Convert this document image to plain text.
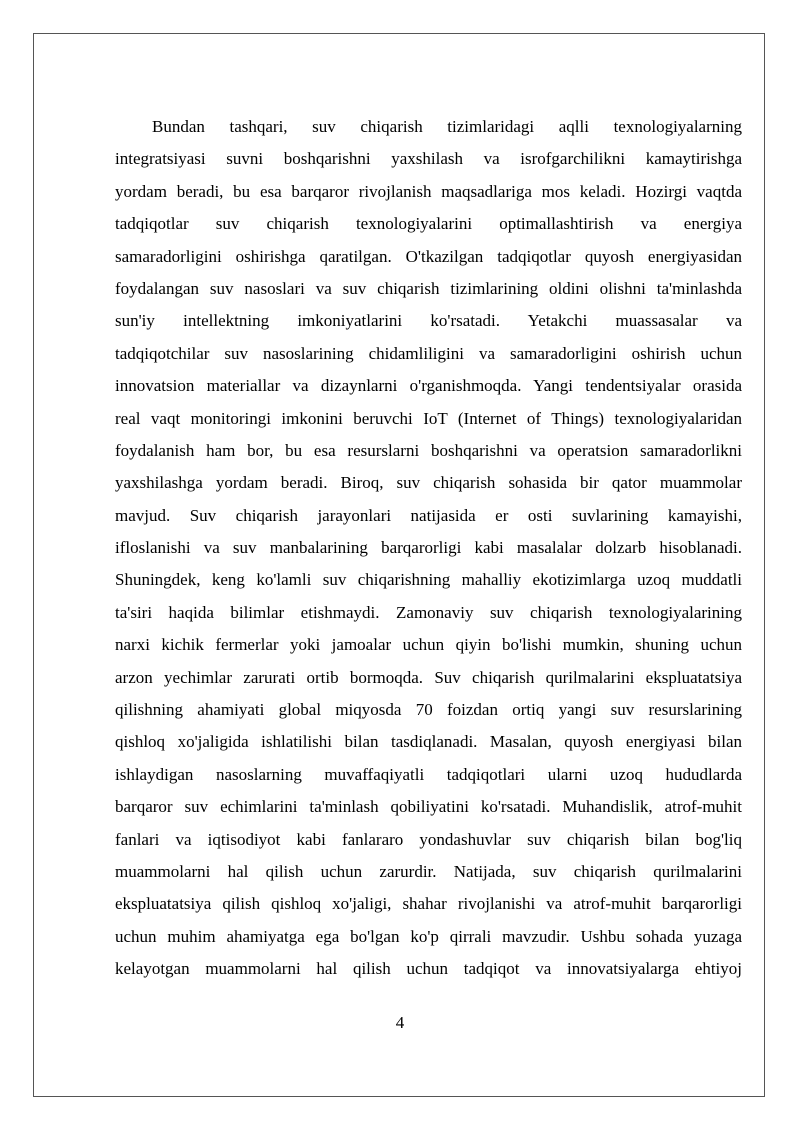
Bundan tashqari, suv chiqarish tizimlaridagi aqlli texnologiyalarning
integratsiyasi suvni boshqarishni yaxshilash va isrofgarchilikni kamaytirishga
yordam beradi, bu esa barqaror rivojlanish maqsadlariga mos keladi. Hozirgi vaqtda
tadqiqotlar suv chiqarish texnologiyalarini optimallashtirish va energiya
samaradorligini oshirishga qaratilgan. O'tkazilgan tadqiqotlar quyosh energiyasidan
foydalangan suv nasoslari va suv chiqarish tizimlarining oldini olishni ta'minlashda
sun'iy intellektning imkoniyatlarini ko'rsatadi. Yetakchi muassasalar va
tadqiqotchilar suv nasoslarining chidamliligini va samaradorligini oshirish uchun
innovatsion materiallar va dizaynlarni o'rganishmoqda. Yangi tendentsiyalar orasida
real vaqt monitoringi imkonini beruvchi IoT (Internet of Things) texnologiyalaridan
foydalanish ham bor, bu esa resurslarni boshqarishni va operatsion samaradorlikni
yaxshilashga yordam beradi. Biroq, suv chiqarish sohasida bir qator muammolar
mavjud. Suv chiqarish jarayonlari natijasida er osti suvlarining kamayishi,
ifloslanishi va suv manbalarining barqarorligi kabi masalalar dolzarb hisoblanadi.
Shuningdek, keng ko'lamli suv chiqarishning mahalliy ekotizimlarga uzoq muddatli
ta'siri haqida bilimlar etishmaydi. Zamonaviy suv chiqarish texnologiyalarining
narxi kichik fermerlar yoki jamoalar uchun qiyin bo'lishi mumkin, shuning uchun
arzon yechimlar zarurati ortib bormoqda. Suv chiqarish qurilmalarini ekspluatatsiya
qilishning ahamiyati global miqyosda 70 foizdan ortiq yangi suv resurslarining
qishloq xo'jaligida ishlatilishi bilan tasdiqlanadi. Masalan, quyosh energiyasi bilan
ishlaydigan nasoslarning muvaffaqiyatli tadqiqotlari ularni uzoq hududlarda
barqaror suv echimlarini ta'minlash qobiliyatini ko'rsatadi. Muhandislik, atrof-muhit
fanlari va iqtisodiyot kabi fanlararo yondashuvlar suv chiqarish bilan bog'liq
muammolarni hal qilish uchun zarurdir. Natijada, suv chiqarish qurilmalarini
ekspluatatsiya qilish qishloq xo'jaligi, shahar rivojlanishi va atrof-muhit barqarorligi
uchun muhim ahamiyatga ega bo'lgan ko'p qirrali mavzudir. Ushbu sohada yuzaga
kelayotgan muammolarni hal qilish uchun tadqiqot va innovatsiyalarga ehtiyoj
4
